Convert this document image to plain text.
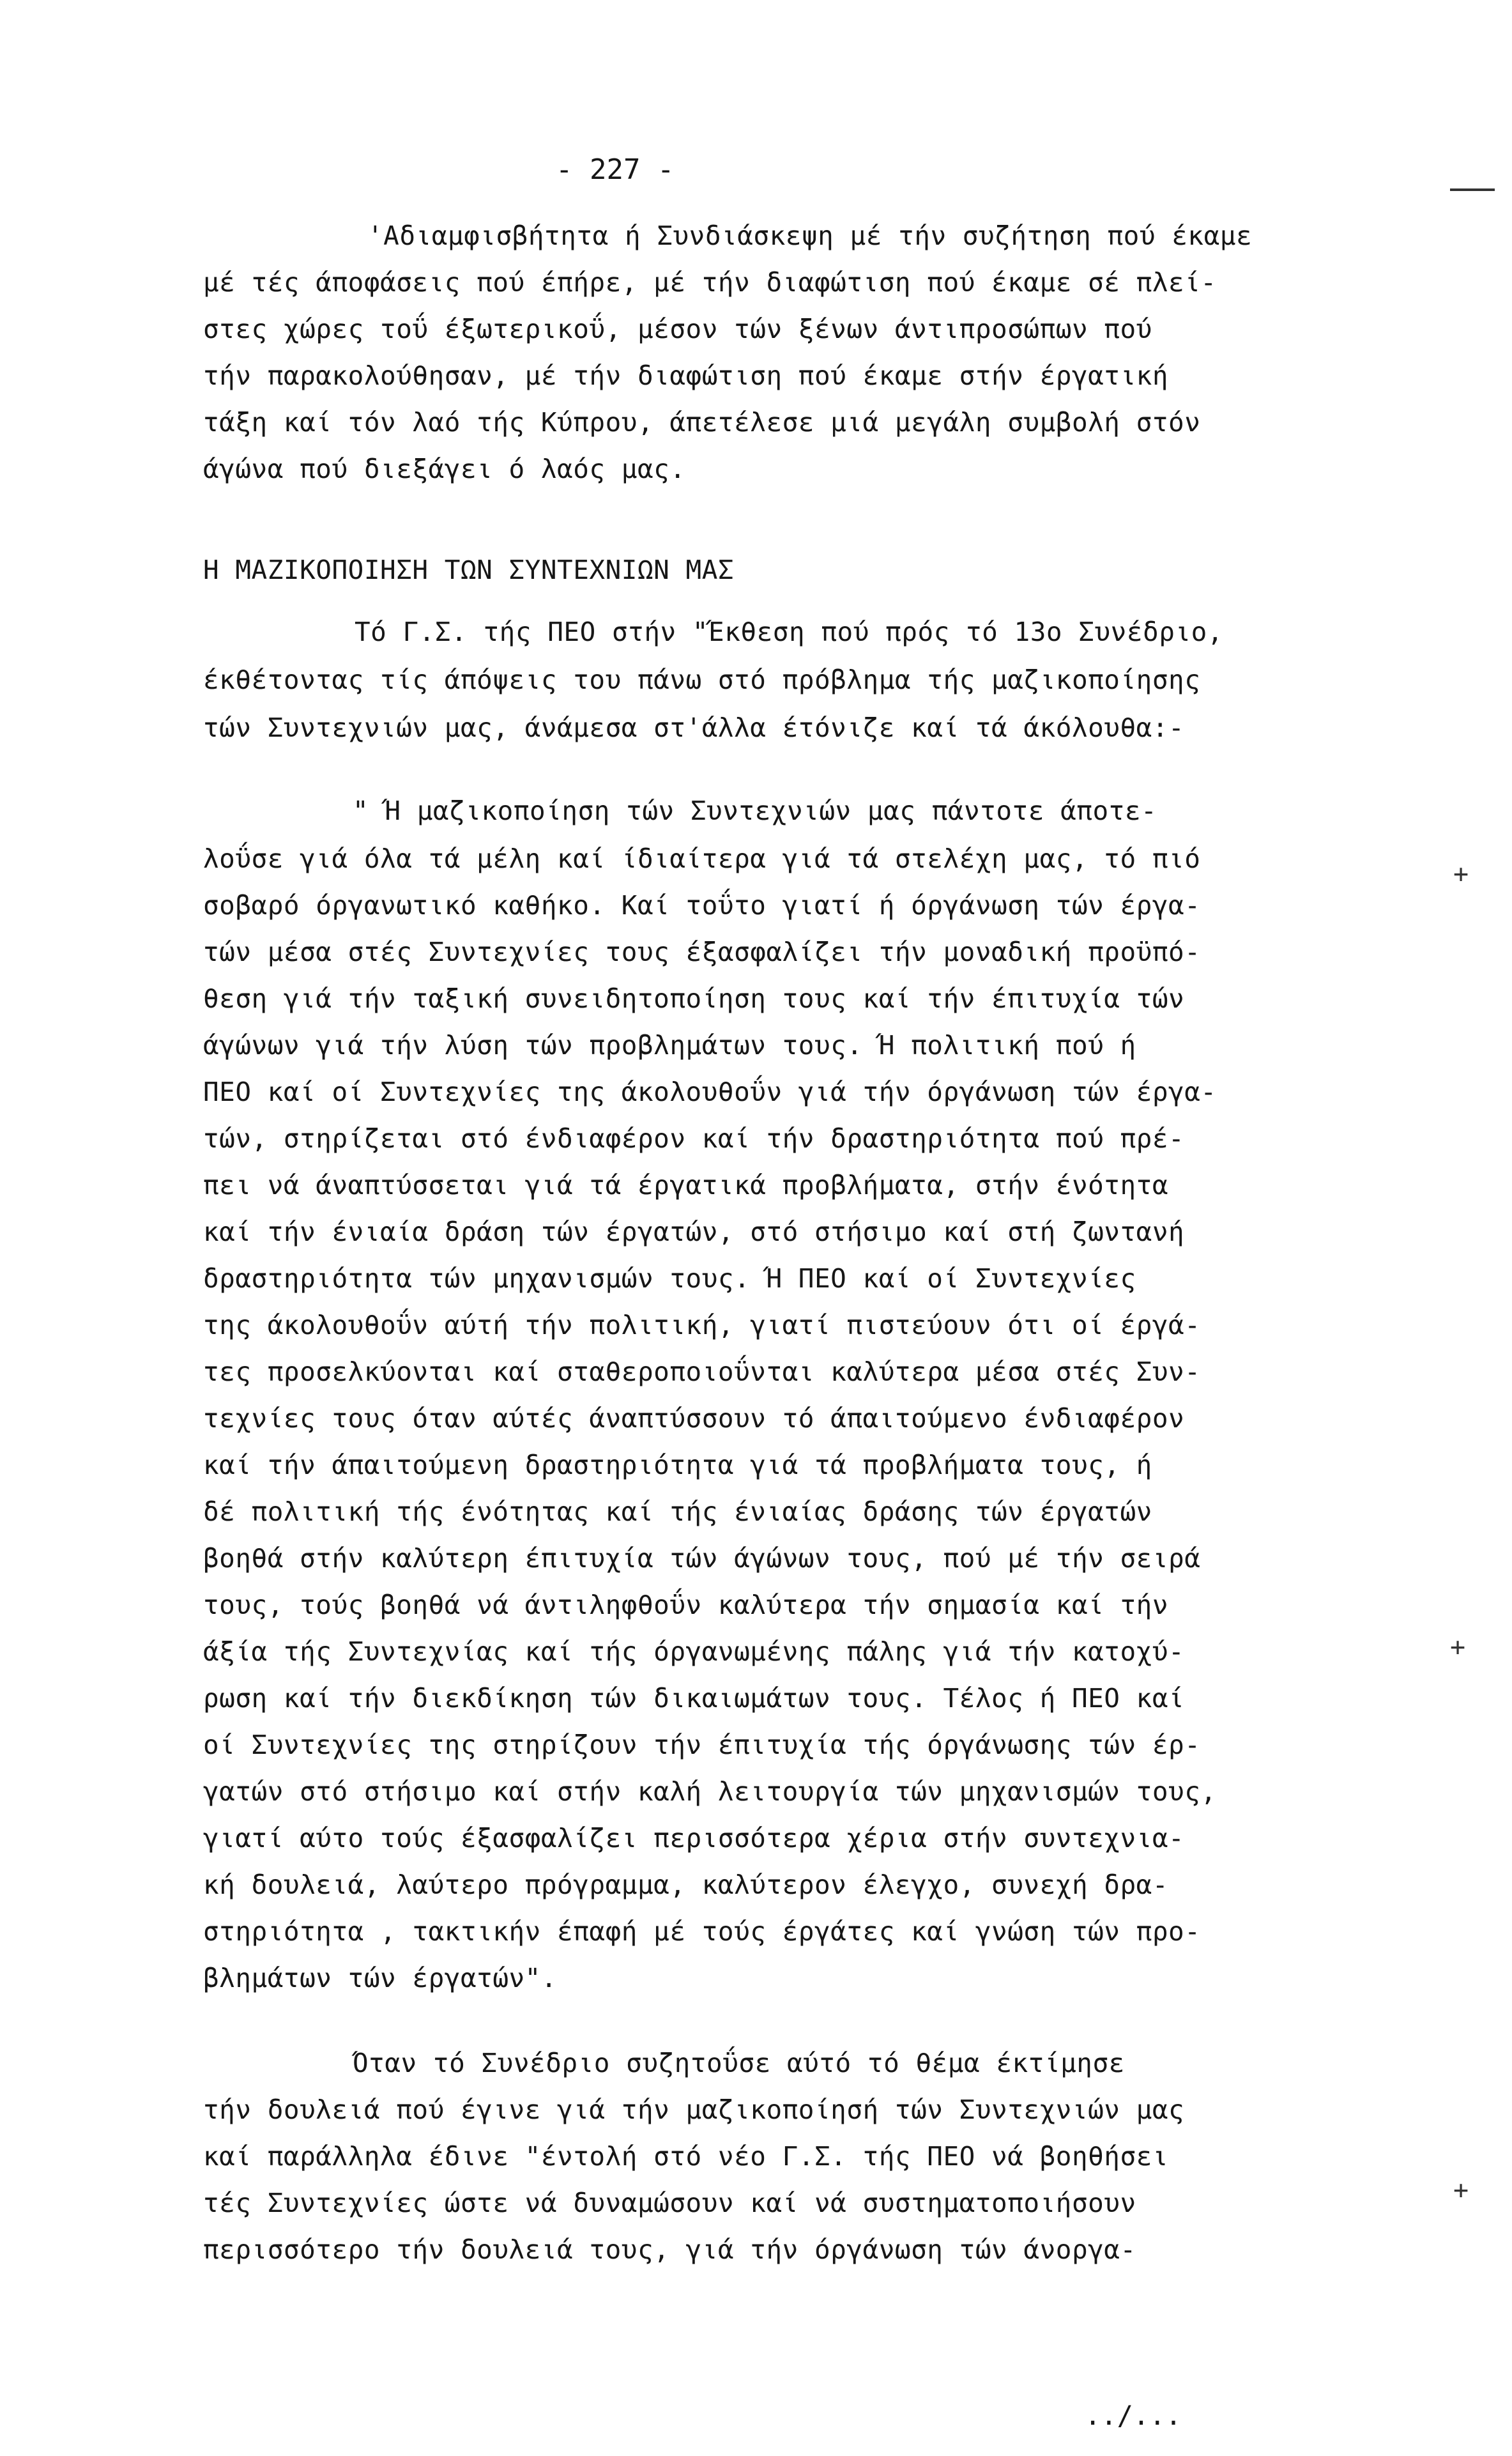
- 227 -
'Αδιαμφισβήτητα ή Συνδιάσκεψη μέ τήν συζήτηση πού έκαμε
μέ τές άποφάσεις πού έπήρε, μέ τήν διαφώτιση πού έκαμε σέ πλεί-
στες χώρες τοΰ έξωτερικοΰ, μέσον τών ξένων άντιπροσώπων πού
τήν παρακολούθησαν, μέ τήν διαφώτιση πού έκαμε στήν έργατική
τάξη καί τόν λαό τής Κύπρου, άπετέλεσε μιά μεγάλη συμβολή στόν
άγώνα πού διεξάγει ό λαός μας.
Η ΜΑΖΙΚΟΠΟΙΗΣΗ ΤΩΝ ΣΥΝΤΕΧΝΙΩΝ ΜΑΣ
Τό Γ.Σ. τής ΠΕΟ στήν "Έκθεση πού πρός τό 13ο Συνέδριο,
έκθέτοντας τίς άπόψεις του πάνω στό πρόβλημα τής μαζικοποίησης
τών Συντεχνιών μας, άνάμεσα στ'άλλα έτόνιζε καί τά άκόλουθα:-
" Ή μαζικοποίηση τών Συντεχνιών μας πάντοτε άποτε-
λοΰσε γιά όλα τά μέλη καί ίδιαίτερα γιά τά στελέχη μας, τό πιό
σοβαρό όργανωτικό καθήκο. Καί τοΰτο γιατί ή όργάνωση τών έργα-
τών μέσα στές Συντεχνίες τους έξασφαλίζει τήν μοναδική προϋπό-
θεση γιά τήν ταξική συνειδητοποίηση τους καί τήν έπιτυχία τών
άγώνων γιά τήν λύση τών προβλημάτων τους. Ή πολιτική πού ή
ΠΕΟ καί οί Συντεχνίες της άκολουθοΰν γιά τήν όργάνωση τών έργα-
τών, στηρίζεται στό ένδιαφέρον καί τήν δραστηριότητα πού πρέ-
πει νά άναπτύσσεται γιά τά έργατικά προβλήματα, στήν ένότητα
καί τήν ένιαία δράση τών έργατών, στό στήσιμο καί στή ζωντανή
δραστηριότητα τών μηχανισμών τους. Ή ΠΕΟ καί οί Συντεχνίες
της άκολουθοΰν αύτή τήν πολιτική, γιατί πιστεύουν ότι οί έργά-
τες προσελκύονται καί σταθεροποιοΰνται καλύτερα μέσα στές Συν-
τεχνίες τους όταν αύτές άναπτύσσουν τό άπαιτούμενο ένδιαφέρον
καί τήν άπαιτούμενη δραστηριότητα γιά τά προβλήματα τους, ή
δέ πολιτική τής ένότητας καί τής ένιαίας δράσης τών έργατών
βοηθά στήν καλύτερη έπιτυχία τών άγώνων τους, πού μέ τήν σειρά
τους, τούς βοηθά νά άντιληφθοΰν καλύτερα τήν σημασία καί τήν
άξία τής Συντεχνίας καί τής όργανωμένης πάλης γιά τήν κατοχύ-
ρωση καί τήν διεκδίκηση τών δικαιωμάτων τους. Τέλος ή ΠΕΟ καί
οί Συντεχνίες της στηρίζουν τήν έπιτυχία τής όργάνωσης τών έρ-
γατών στό στήσιμο καί στήν καλή λειτουργία τών μηχανισμών τους,
γιατί αύτο τούς έξασφαλίζει περισσότερα χέρια στήν συντεχνια-
κή δουλειά, λαύτερο πρόγραμμα, καλύτερον έλεγχο, συνεχή δρα-
στηριότητα , τακτικήν έπαφή μέ τούς έργάτες καί γνώση τών προ-
βλημάτων τών έργατών".
Όταν τό Συνέδριο συζητοΰσε αύτό τό θέμα έκτίμησε
τήν δουλειά πού έγινε γιά τήν μαζικοποίησή τών Συντεχνιών μας
καί παράλληλα έδινε "έντολή στό νέο Γ.Σ. τής ΠΕΟ νά βοηθήσει
τές Συντεχνίες ώστε νά δυναμώσουν καί νά συστηματοποιήσουν
περισσότερο τήν δουλειά τους, γιά τήν όργάνωση τών άνοργα-
../...
+
+
+
